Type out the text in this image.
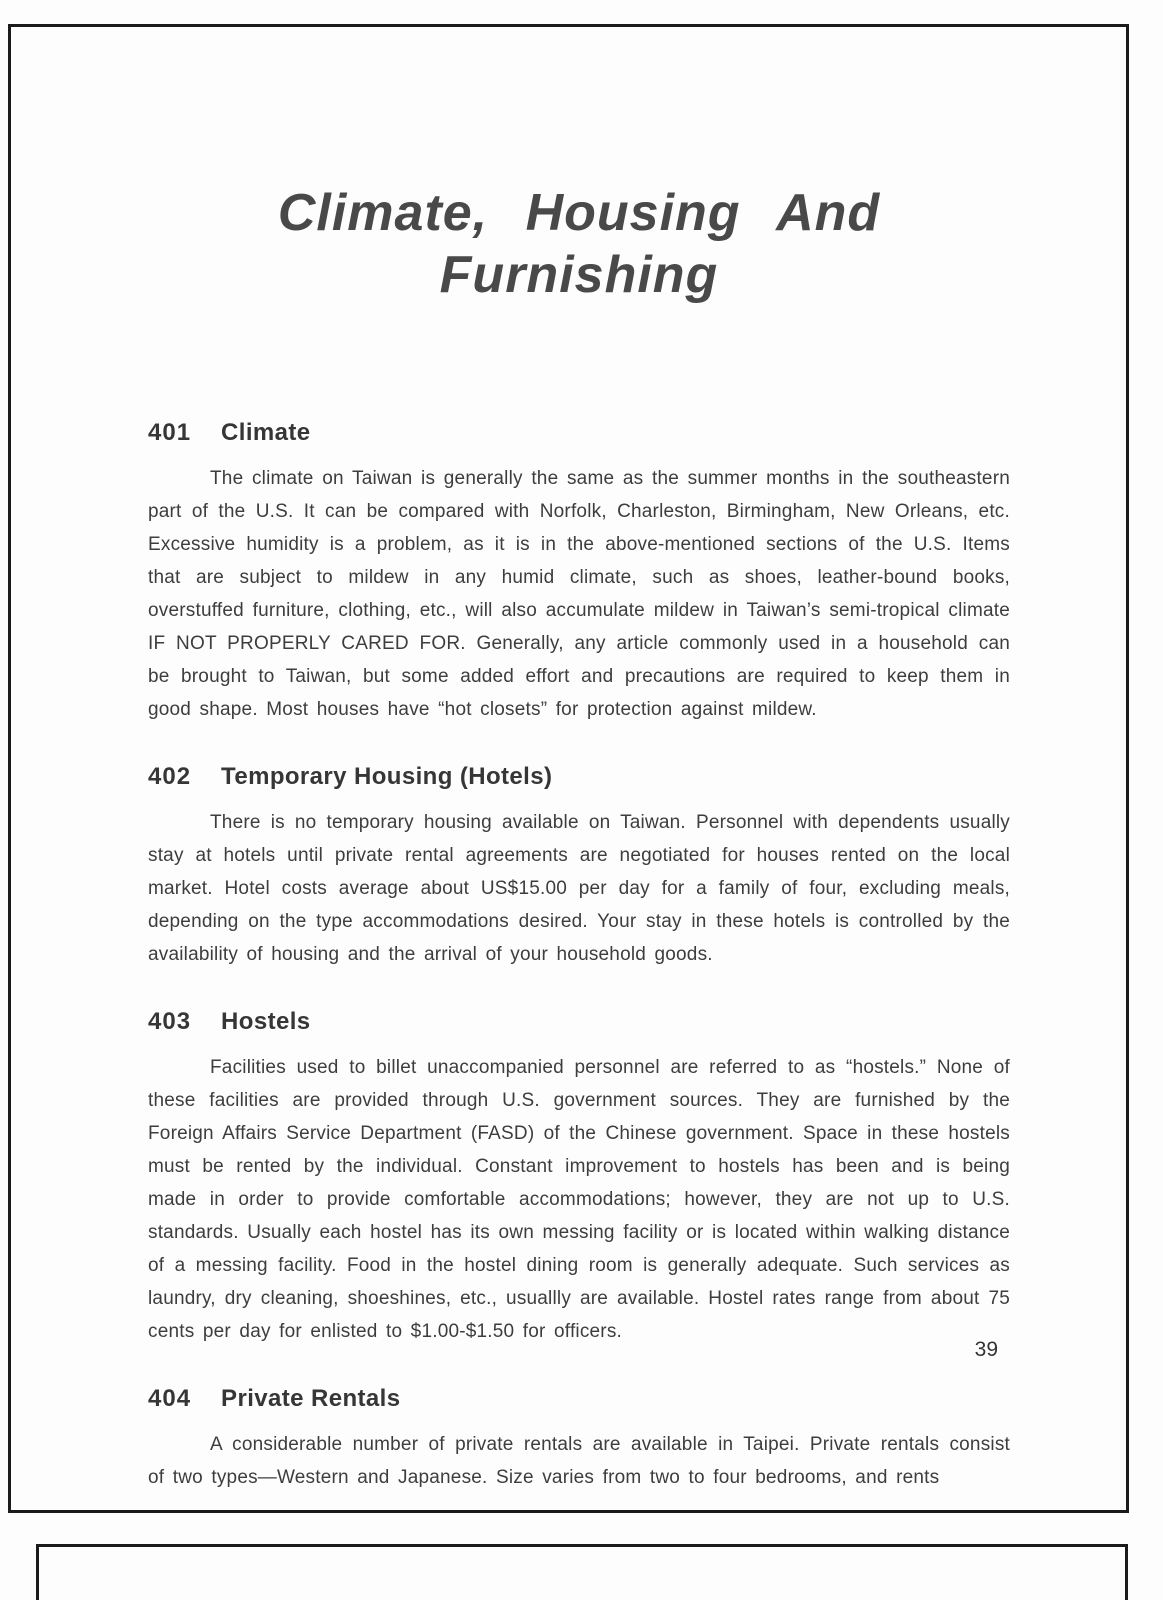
Climate, Housing And Furnishing
401 Climate

The climate on Taiwan is generally the same as the summer months in the southeastern part of the U.S. It can be compared with Norfolk, Charleston, Birmingham, New Orleans, etc. Excessive humidity is a problem, as it is in the above-mentioned sections of the U.S. Items that are subject to mildew in any humid climate, such as shoes, leather-bound books, overstuffed furniture, clothing, etc., will also accumulate mildew in Taiwan’s semi-tropical climate IF NOT PROPERLY CARED FOR. Generally, any article commonly used in a household can be brought to Taiwan, but some added effort and precautions are required to keep them in good shape. Most houses have “hot closets” for protection against mildew.

402 Temporary Housing (Hotels)

There is no temporary housing available on Taiwan. Personnel with dependents usually stay at hotels until private rental agreements are negotiated for houses rented on the local market. Hotel costs average about US$15.00 per day for a family of four, excluding meals, depending on the type accommodations desired. Your stay in these hotels is controlled by the availability of housing and the arrival of your household goods.

403 Hostels

Facilities used to billet unaccompanied personnel are referred to as “hostels.” None of these facilities are provided through U.S. government sources. They are furnished by the Foreign Affairs Service Department (FASD) of the Chinese government. Space in these hostels must be rented by the individual. Constant improvement to hostels has been and is being made in order to provide comfortable accommodations; however, they are not up to U.S. standards. Usually each hostel has its own messing facility or is located within walking distance of a messing facility. Food in the hostel dining room is generally adequate. Such services as laundry, dry cleaning, shoeshines, etc., usuallly are available. Hostel rates range from about 75 cents per day for enlisted to $1.00-$1.50 for officers.

404 Private Rentals

A considerable number of private rentals are available in Taipei. Private rentals consist of two types—Western and Japanese. Size varies from two to four bedrooms, and rents

39
